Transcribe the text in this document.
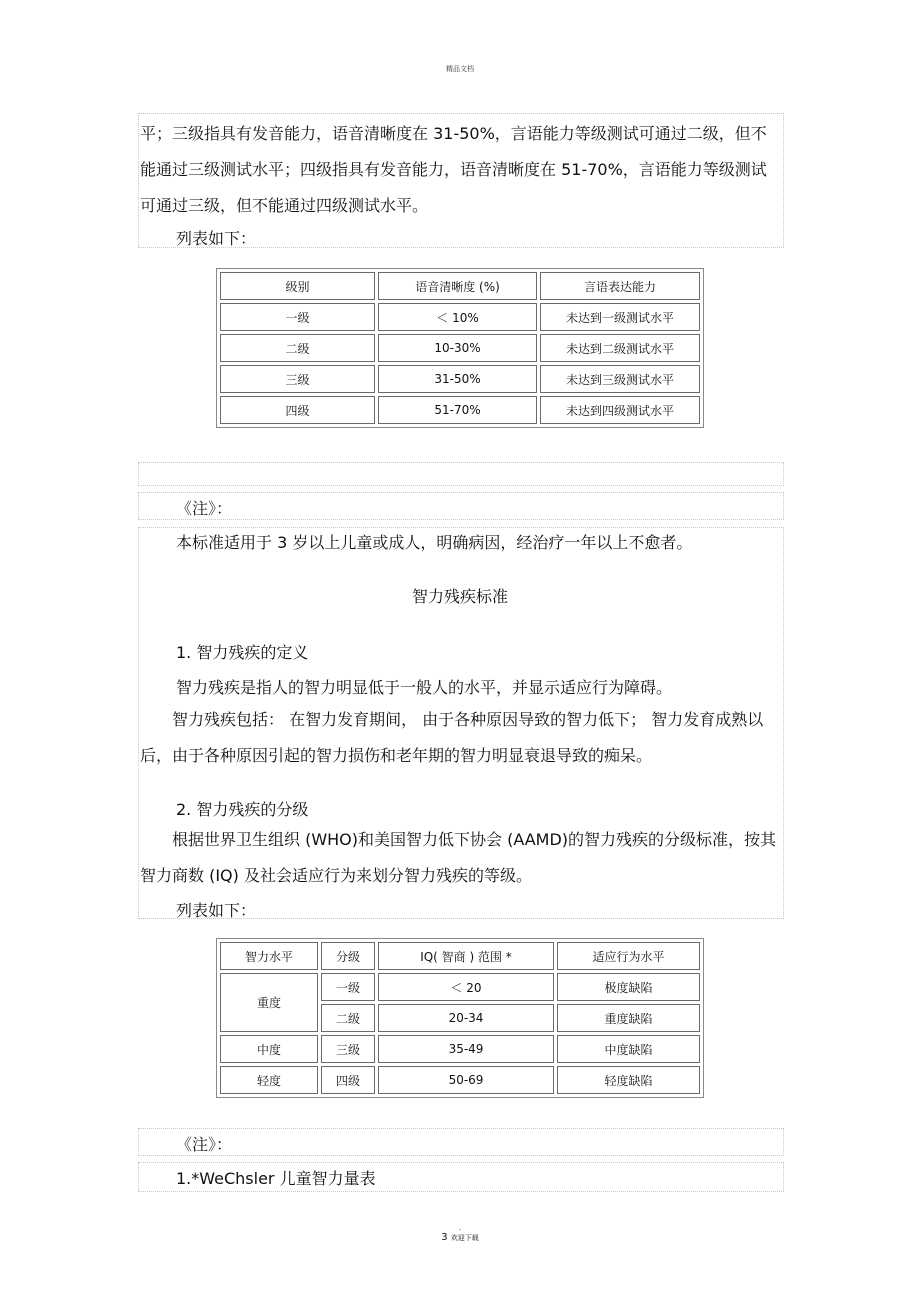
精品文档
平；三级指具有发音能力，语音清晰度在 31-50%，言语能力等级测试可通过二级，但不能通过三级测试水平；四级指具有发音能力，语音清晰度在 51-70%，言语能力等级测试可通过三级，但不能通过四级测试水平。
列表如下：
级别	语音清晰度 (%)	言语表达能力
一级	＜ 10%	未达到一级测试水平
二级	10-30%	未达到二级测试水平
三级	31-50%	未达到三级测试水平
四级	51-70%	未达到四级测试水平
《注》：
本标准适用于 3 岁以上儿童或成人，明确病因，经治疗一年以上不愈者。
智力残疾标准
1. 智力残疾的定义
智力残疾是指人的智力明显低于一般人的水平，并显示适应行为障碍。
智力残疾包括： 在智力发育期间， 由于各种原因导致的智力低下； 智力发育成熟以后，由于各种原因引起的智力损伤和老年期的智力明显衰退导致的痴呆。
2. 智力残疾的分级
根据世界卫生组织 (WHO)和美国智力低下协会 (AAMD)的智力残疾的分级标准，按其智力商数 (IQ) 及社会适应行为来划分智力残疾的等级。
列表如下：
智力水平	分级	IQ( 智商 ) 范围 *	适应行为水平
重度	一级	＜ 20	极度缺陷
	二级	20-34	重度缺陷
中度	三级	35-49	中度缺陷
轻度	四级	50-69	轻度缺陷
《注》：
1.*WeChsler 儿童智力量表
.
3 欢迎下载
